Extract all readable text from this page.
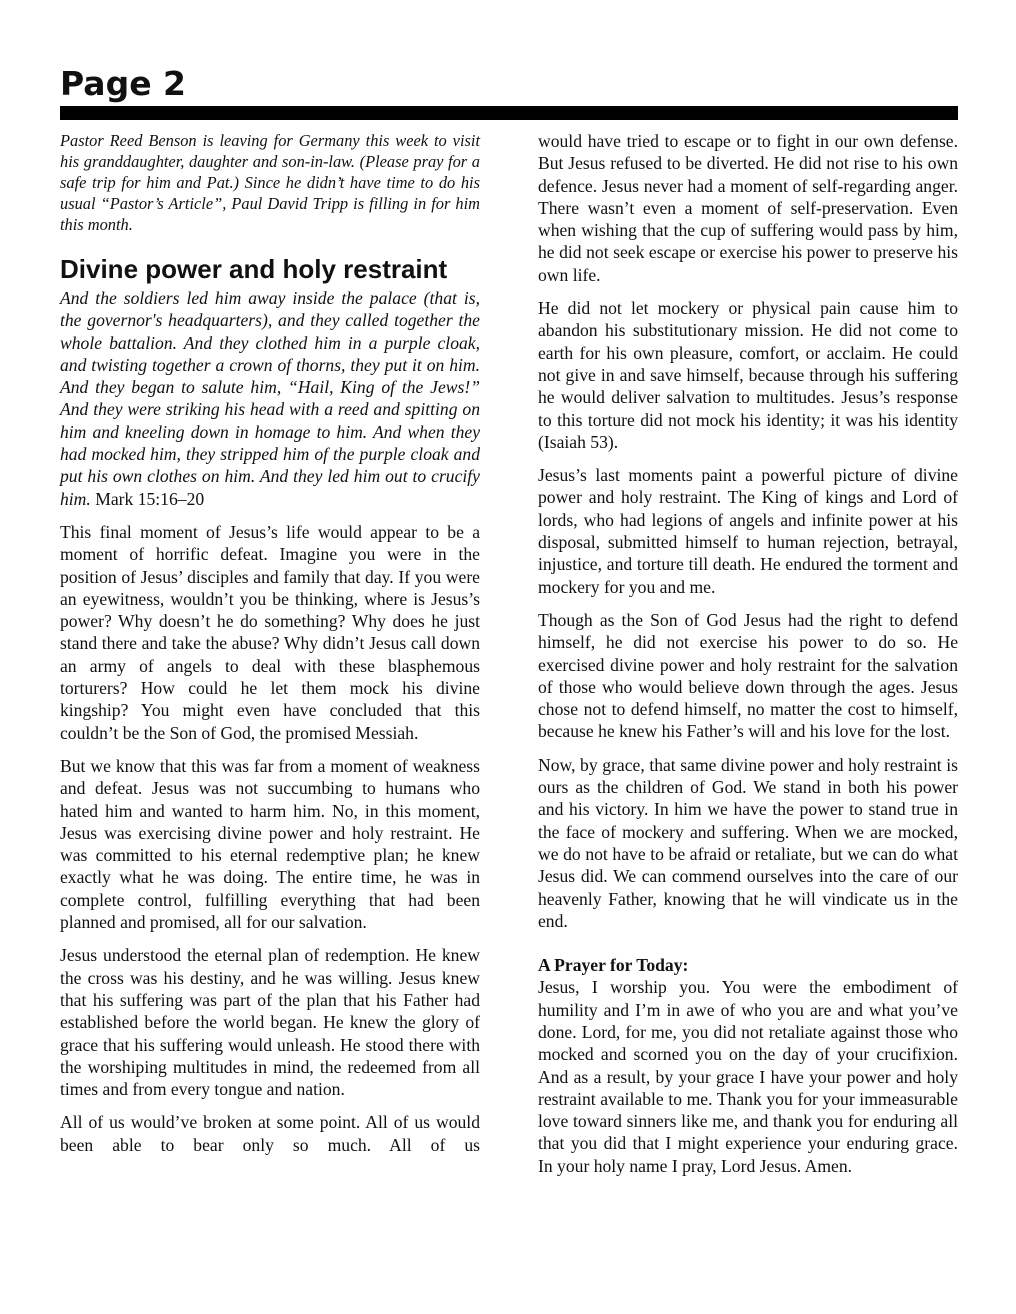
Page 2

Pastor Reed Benson is leaving for Germany this week to visit his granddaughter, daughter and son-in-law. (Please pray for a safe trip for him and Pat.) Since he didn’t have time to do his usual “Pastor’s Article”, Paul David Tripp is filling in for him this month.

Divine power and holy restraint

And the soldiers led him away inside the palace (that is, the governor's headquarters), and they called together the whole battalion. And they clothed him in a purple cloak, and twisting together a crown of thorns, they put it on him. And they began to salute him, “Hail, King of the Jews!” And they were striking his head with a reed and spitting on him and kneeling down in homage to him. And when they had mocked him, they stripped him of the purple cloak and put his own clothes on him. And they led him out to crucify him. Mark 15:16–20

This final moment of Jesus’s life would appear to be a moment of horrific defeat. Imagine you were in the position of Jesus’ disciples and family that day. If you were an eyewitness, wouldn’t you be thinking, where is Jesus’s power? Why doesn’t he do something? Why does he just stand there and take the abuse? Why didn’t Jesus call down an army of angels to deal with these blasphemous torturers? How could he let them mock his divine kingship? You might even have concluded that this couldn’t be the Son of God, the promised Messiah.

But we know that this was far from a moment of weakness and defeat. Jesus was not succumbing to humans who hated him and wanted to harm him. No, in this moment, Jesus was exercising divine power and holy restraint. He was committed to his eternal redemptive plan; he knew exactly what he was doing. The entire time, he was in complete control, fulfilling everything that had been planned and promised, all for our salvation.

Jesus understood the eternal plan of redemption. He knew the cross was his destiny, and he was willing. Jesus knew that his suffering was part of the plan that his Father had established before the world began. He knew the glory of grace that his suffering would unleash. He stood there with the worshiping multitudes in mind, the redeemed from all times and from every tongue and nation.

All of us would’ve broken at some point. All of us would been able to bear only so much. All of us

would have tried to escape or to fight in our own defense. But Jesus refused to be diverted. He did not rise to his own defence. Jesus never had a moment of self-regarding anger. There wasn’t even a moment of self-preservation. Even when wishing that the cup of suffering would pass by him, he did not seek escape or exercise his power to preserve his own life.

He did not let mockery or physical pain cause him to abandon his substitutionary mission. He did not come to earth for his own pleasure, comfort, or acclaim. He could not give in and save himself, because through his suffering he would deliver salvation to multitudes. Jesus’s response to this torture did not mock his identity; it was his identity (Isaiah 53).

Jesus’s last moments paint a powerful picture of divine power and holy restraint. The King of kings and Lord of lords, who had legions of angels and infinite power at his disposal, submitted himself to human rejection, betrayal, injustice, and torture till death. He endured the torment and mockery for you and me.

Though as the Son of God Jesus had the right to defend himself, he did not exercise his power to do so. He exercised divine power and holy restraint for the salvation of those who would believe down through the ages. Jesus chose not to defend himself, no matter the cost to himself, because he knew his Father’s will and his love for the lost.

Now, by grace, that same divine power and holy restraint is ours as the children of God. We stand in both his power and his victory. In him we have the power to stand true in the face of mockery and suffering. When we are mocked, we do not have to be afraid or retaliate, but we can do what Jesus did. We can commend ourselves into the care of our heavenly Father, knowing that he will vindicate us in the end.

A Prayer for Today:

Jesus, I worship you. You were the embodiment of humility and I’m in awe of who you are and what you’ve done. Lord, for me, you did not retaliate against those who mocked and scorned you on the day of your crucifixion. And as a result, by your grace I have your power and holy restraint available to me. Thank you for your immeasurable love toward sinners like me, and thank you for enduring all that you did that I might experience your enduring grace. In your holy name I pray, Lord Jesus. Amen.
